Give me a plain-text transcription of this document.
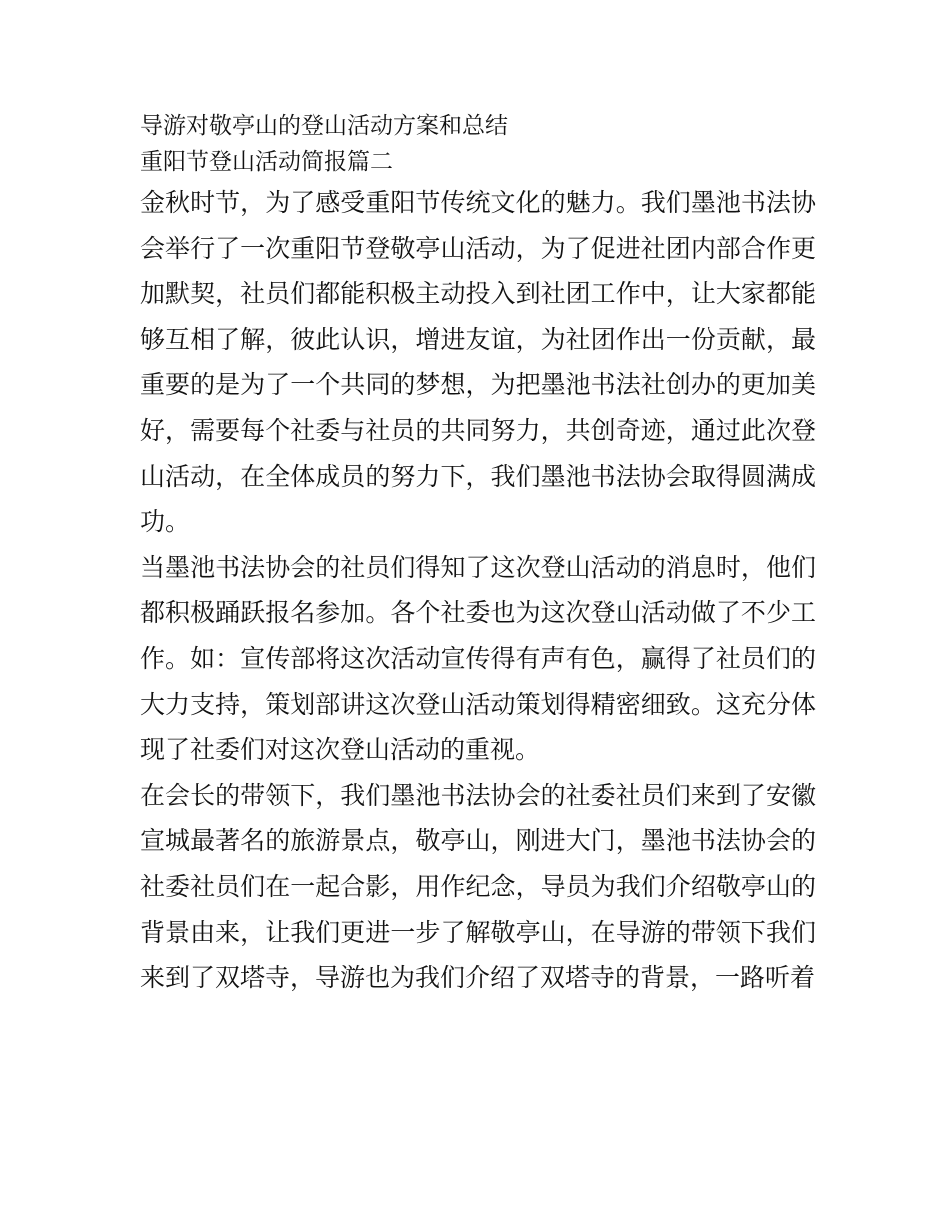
导游对敬亭山的登山活动方案和总结
重阳节登山活动简报篇二

金秋时节，为了感受重阳节传统文化的魅力。我们墨池书法协会举行了一次重阳节登敬亭山活动，为了促进社团内部合作更加默契，社员们都能积极主动投入到社团工作中，让大家都能够互相了解，彼此认识，增进友谊，为社团作出一份贡献，最重要的是为了一个共同的梦想，为把墨池书法社创办的更加美好，需要每个社委与社员的共同努力，共创奇迹，通过此次登山活动，在全体成员的努力下，我们墨池书法协会取得圆满成功。

当墨池书法协会的社员们得知了这次登山活动的消息时，他们都积极踊跃报名参加。各个社委也为这次登山活动做了不少工作。如：宣传部将这次活动宣传得有声有色，赢得了社员们的大力支持，策划部讲这次登山活动策划得精密细致。这充分体现了社委们对这次登山活动的重视。

在会长的带领下，我们墨池书法协会的社委社员们来到了安徽宣城最著名的旅游景点，敬亭山，刚进大门，墨池书法协会的社委社员们在一起合影，用作纪念，导员为我们介绍敬亭山的背景由来，让我们更进一步了解敬亭山，在导游的带领下我们来到了双塔寺，导游也为我们介绍了双塔寺的背景，一路听着
